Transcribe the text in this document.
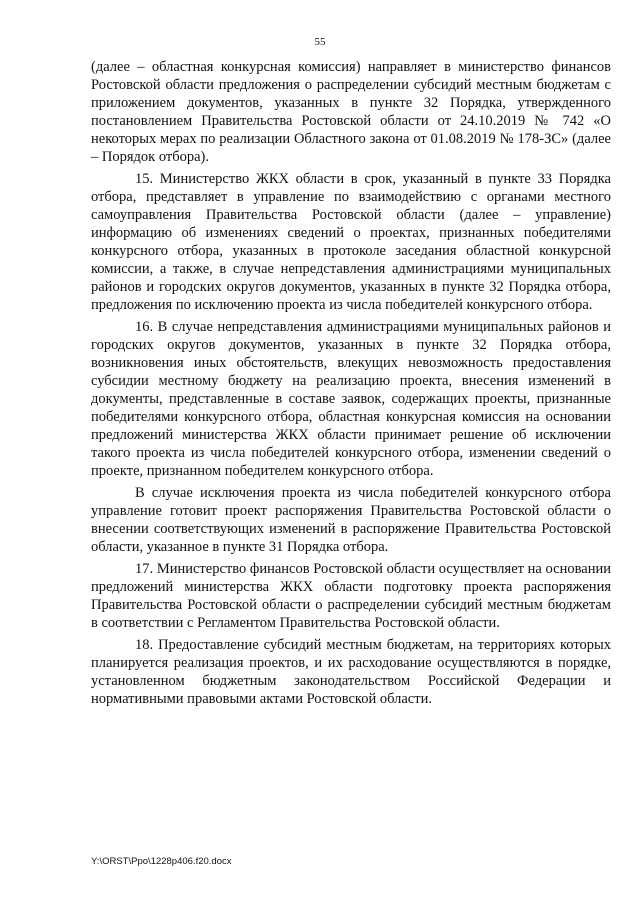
55

(далее – областная конкурсная комиссия) направляет в министерство финансов Ростовской области предложения о распределении субсидий местным бюджетам с приложением документов, указанных в пункте 32 Порядка, утвержденного постановлением Правительства Ростовской области от 24.10.2019 № 742 «О некоторых мерах по реализации Областного закона от 01.08.2019 № 178-ЗС» (далее – Порядок отбора).

15. Министерство ЖКХ области в срок, указанный в пункте 33 Порядка отбора, представляет в управление по взаимодействию с органами местного самоуправления Правительства Ростовской области (далее – управление) информацию об изменениях сведений о проектах, признанных победителями конкурсного отбора, указанных в протоколе заседания областной конкурсной комиссии, а также, в случае непредставления администрациями муниципальных районов и городских округов документов, указанных в пункте 32 Порядка отбора, предложения по исключению проекта из числа победителей конкурсного отбора.

16. В случае непредставления администрациями муниципальных районов и городских округов документов, указанных в пункте 32 Порядка отбора, возникновения иных обстоятельств, влекущих невозможность предоставления субсидии местному бюджету на реализацию проекта, внесения изменений в документы, представленные в составе заявок, содержащих проекты, признанные победителями конкурсного отбора, областная конкурсная комиссия на основании предложений министерства ЖКХ области принимает решение об исключении такого проекта из числа победителей конкурсного отбора, изменении сведений о проекте, признанном победителем конкурсного отбора.

В случае исключения проекта из числа победителей конкурсного отбора управление готовит проект распоряжения Правительства Ростовской области о внесении соответствующих изменений в распоряжение Правительства Ростовской области, указанное в пункте 31 Порядка отбора.

17. Министерство финансов Ростовской области осуществляет на основании предложений министерства ЖКХ области подготовку проекта распоряжения Правительства Ростовской области о распределении субсидий местным бюджетам в соответствии с Регламентом Правительства Ростовской области.

18. Предоставление субсидий местным бюджетам, на территориях которых планируется реализация проектов, и их расходование осуществляются в порядке, установленном бюджетным законодательством Российской Федерации и нормативными правовыми актами Ростовской области.

Y:\ORST\Ppo\1228p406.f20.docx
